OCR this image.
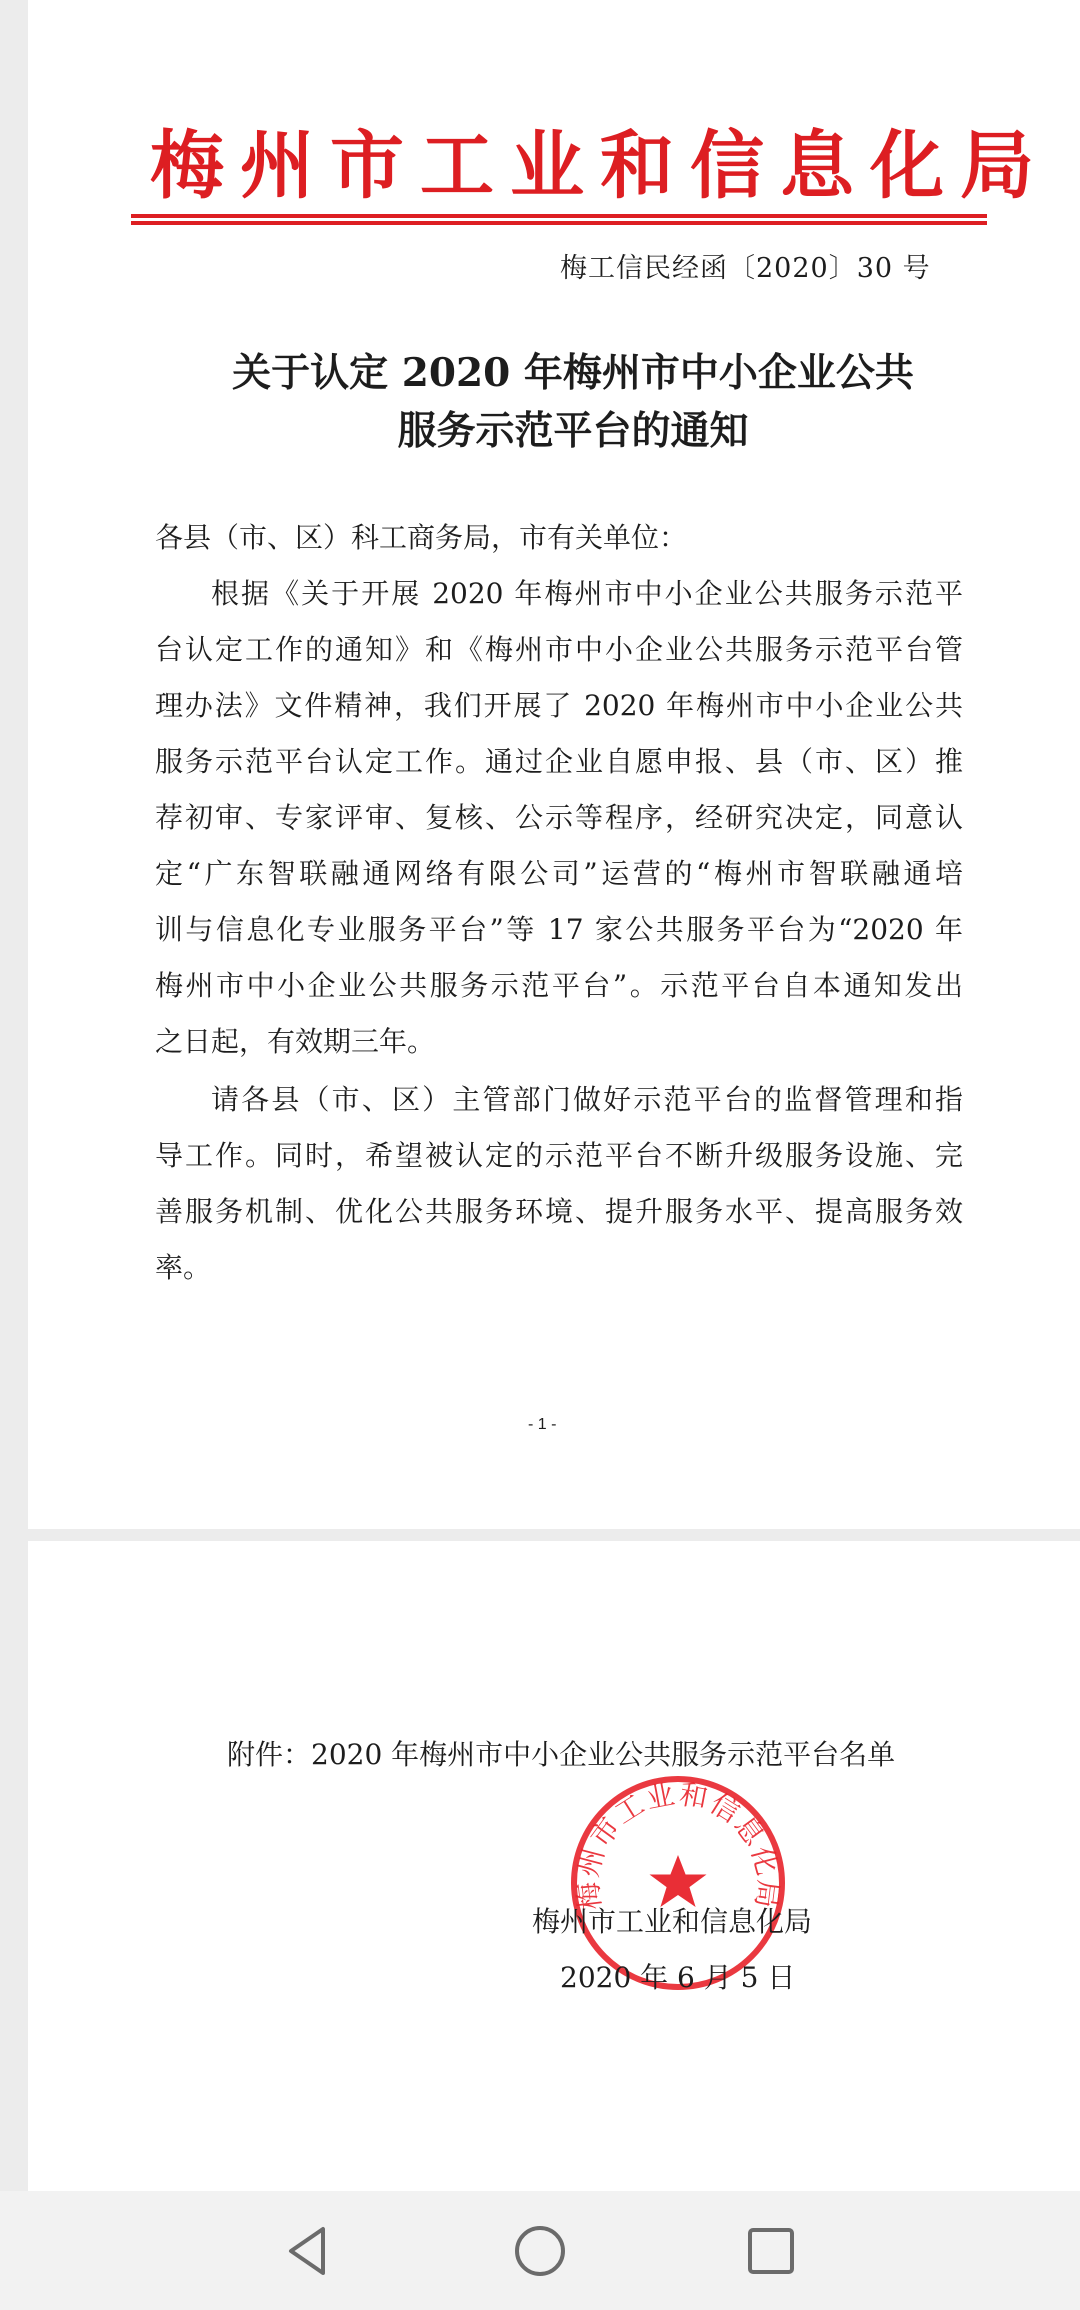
梅州市工业和信息化局
梅工信民经函〔2020〕30 号
关于认定 2020 年梅州市中小企业公共
服务示范平台的通知
各县（市、区）科工商务局，市有关单位：
根据《关于开展 2020 年梅州市中小企业公共服务示范平
台认定工作的通知》和《梅州市中小企业公共服务示范平台管
理办法》文件精神，我们开展了 2020 年梅州市中小企业公共
服务示范平台认定工作。通过企业自愿申报、县（市、区）推
荐初审、专家评审、复核、公示等程序，经研究决定，同意认
定“广东智联融通网络有限公司”运营的“梅州市智联融通培
训与信息化专业服务平台”等 17 家公共服务平台为“2020 年
梅州市中小企业公共服务示范平台”。示范平台自本通知发出
之日起，有效期三年。
请各县（市、区）主管部门做好示范平台的监督管理和指
导工作。同时，希望被认定的示范平台不断升级服务设施、完
善服务机制、优化公共服务环境、提升服务水平、提高服务效
率。
- 1 -
附件：2020 年梅州市中小企业公共服务示范平台名单
梅州市工业和信息化局
梅州市工业和信息化局
2020 年 6 月 5 日
